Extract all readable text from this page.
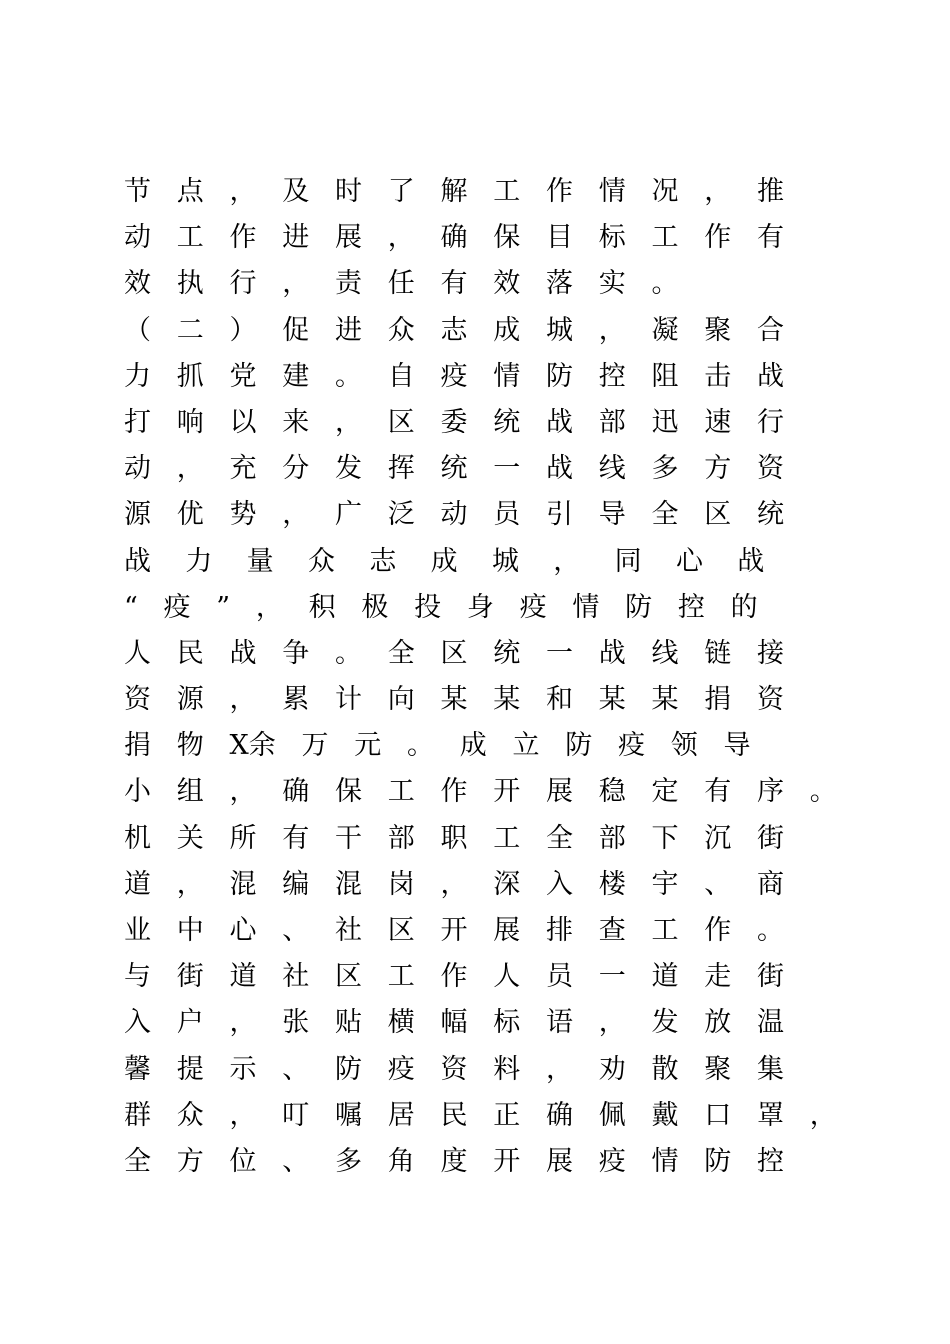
节   点   ，   及   时   了   解   工   作   情   况   ，   推
动   工   作   进   展   ，   确   保   目   标   工   作   有
效   执   行   ，   责   任   有   效   落   实   。
（   二   ）   促   进   众   志   成   城   ，   凝   聚   合
力   抓   党   建   。   自   疫   情   防   控   阻   击   战
打   响   以   来   ，   区   委   统   战   部   迅   速   行
动   ，   充   分   发   挥   统   一   战   线   多   方   资
源   优   势   ，   广   泛   动   员   引   导   全   区   统
战    力    量    众    志    成    城    ，    同    心    战
“   疫   ”   ，   积   极   投   身   疫   情   防   控   的
人   民   战   争   。   全   区   统   一   战   线   链   接
资   源   ，   累   计   向   某   某   和   某   某   捐   资
捐   物   X余   万   元   。   成   立   防   疫   领   导
小   组   ，   确   保   工   作   开   展   稳   定   有   序   。
机   关   所   有   干   部   职   工   全   部   下   沉   街
道   ，   混   编   混   岗   ，   深   入   楼   宇   、   商
业   中   心   、   社   区   开   展   排   查   工   作   。
与   街   道   社   区   工   作   人   员   一   道   走   街
入   户   ，   张   贴   横   幅   标   语   ，   发   放   温
馨   提   示   、   防   疫   资   料   ，   劝   散   聚   集
群   众   ，   叮   嘱   居   民   正   确   佩   戴   口   罩   ，
全   方   位   、   多   角   度   开   展   疫   情   防   控
